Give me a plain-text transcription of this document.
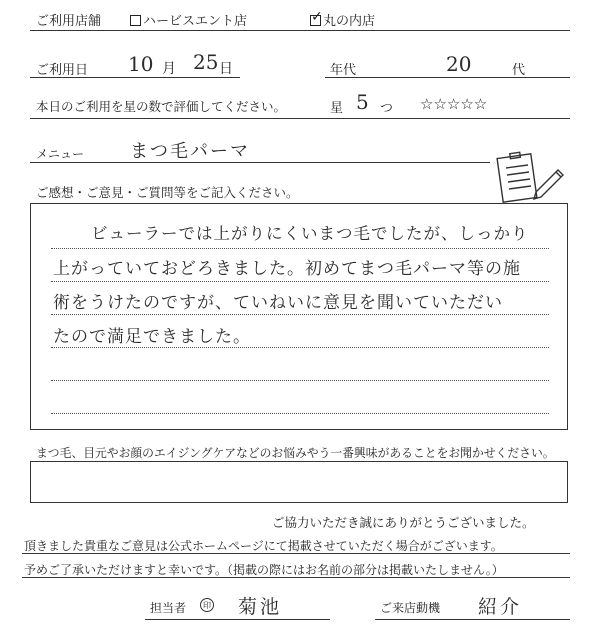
ご利用店舗	ハービスエント店	✓ 丸の内店
ご利用日 10 月 25 日	年代	20	代
本日のご利用を星の数で評価してください。	星 5 つ ☆☆☆☆☆
メニュー	まつ毛パーマ
ご感想・ご意見・ご質問等をご記入ください。
ビューラーでは上がりにくいまつ毛でしたが、しっかり
上がっていておどろきました。初めてまつ毛パーマ等の施
術をうけたのですが、ていねいに意見を聞いていただい
たので満足できました。
まつ毛、目元やお顔のエイジングケアなどのお悩みやう一番興味があることをお聞かせください。
ご協力いただき誠にありがとうございました。
頂きました貴重なご意見は公式ホームページにて掲載させていただく場合がございます。
予めご了承いただけますと幸いです。（掲載の際にはお名前の部分は掲載いたしません。）
担当者	印 菊池	ご来店動機 紹介
